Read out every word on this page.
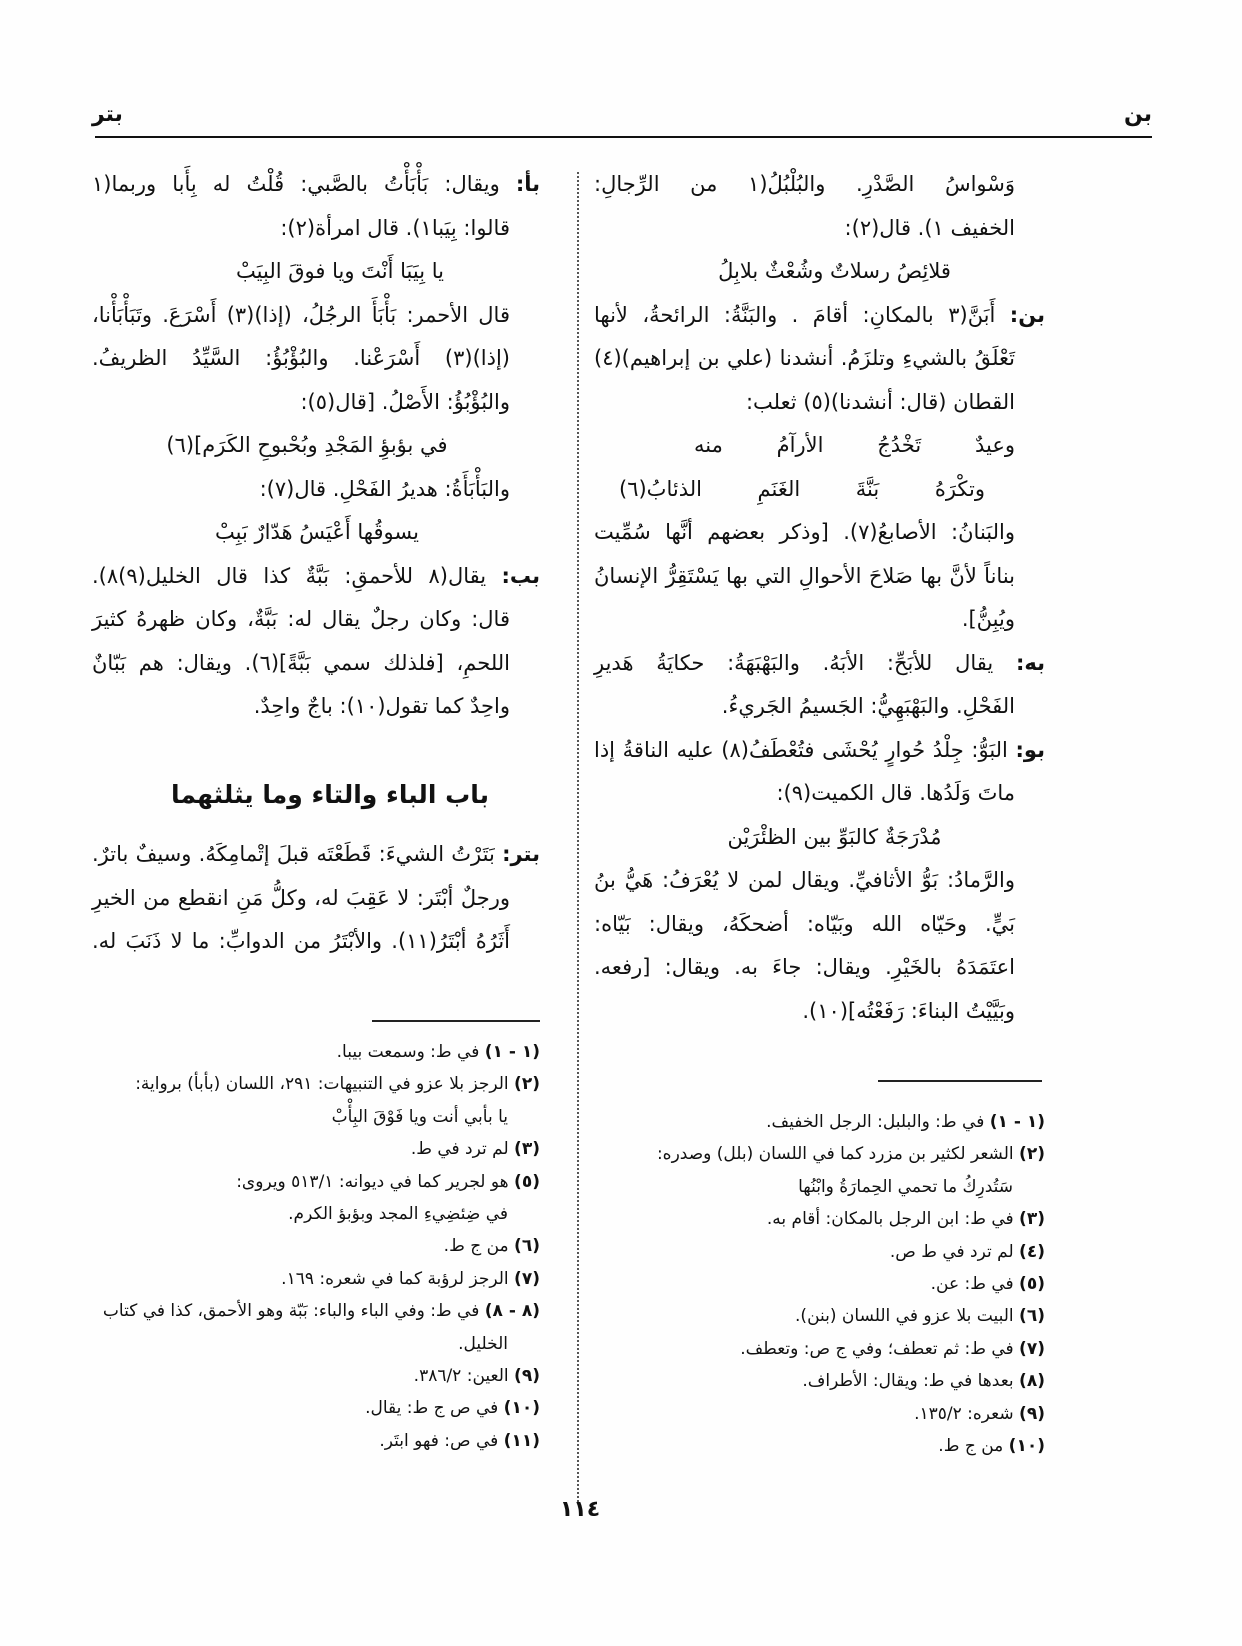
بتر	بن
وَسْواسُ الصَّدْرِ. والبُلْبُلُ(١ من الرِّجالِ:
الخفيف ١). قال(٢):
قلائِصُ رسلاتٌ وشُعْثٌ بلابِلُ
بن: أَبَنَّ(٣ بالمكانِ: أقامَ . والبَنَّةُ: الرائحةُ، لأنها
تَعْلَقُ بالشيءِ وتلزَمُ. أنشدنا (علي بن إبراهيم)(٤)
القطان (قال: أنشدنا)(٥) ثعلب:
وعيدٌ تَخْدُجُ الأرآمُ منه
وتكْرَهُ بَنَّةَ الغَنَمِ الذئابُ(٦)
والبَنانُ: الأصابعُ(٧). [وذكر بعضهم أنَّها سُمِّيت
بناناً لأنَّ بها صَلاحَ الأحوالِ التي بها يَسْتَقِرُّ الإنسانُ
ويُبِنُّ].
به: يقال للأبَحِّ: الأبَهُ. والبَهْبَهَةُ: حكايَةُ هَديرِ
الفَحْلِ. والبَهْبَهِيُّ: الجَسيمُ الجَريءُ.
بو: البَوُّ: جِلْدُ حُوارٍ يُحْشَى فتُعْطَفُ(٨) عليه الناقةُ إذا
ماتَ وَلَدُها. قال الكميت(٩):
مُدْرَجَةٌ كالبَوِّ بين الظئْرَيْن
والرَّمادُ: بَوُّ الأثافيِّ. ويقال لمن لا يُعْرَفُ: هَيُّ بنُ
بَيٍّ. وحَيّاه الله وبَيّاه: أضحكَهُ، ويقال: بَيّاه:
اعتَمَدَهُ بالخَيْرِ. ويقال: جاءَ به. ويقال: [رفعه.
وبَيَّيْتُ البناءَ: رَفَعْتُه](١٠).
بأ: ويقال: بَأْبَأْتُ بالصَّبي: قُلْتُ له بِأَبا وربما(١
قالوا: بِيَبا١). قال امرأة(٢):
يا بِيَبَا أَنْتَ ويا فوقَ البِيَبْ
قال الأحمر: بَأْبَأَ الرجُلُ، (إذا)(٣) أَسْرَعَ. وتَبَأْبَأْنا،
(إذا)(٣) أَسْرَعْنا. والبُؤْبُؤُ: السَّيِّدُ الظريفُ.
والبُؤْبُؤُ: الأَصْلُ. [قال(٥):
في بؤبؤِ المَجْدِ وبُحْبوحِ الكَرَم](٦)
والبَأْبَأَةُ: هديرُ الفَحْلِ. قال(٧):
يسوقُها أَعْيَسُ هَدّارٌ بَبِبْ
بب: يقال(٨ للأحمقِ: بَبَّةٌ كذا قال الخليل(٩)٨).
قال: وكان رجلٌ يقال له: بَبَّةٌ، وكان ظهرهُ كثيرَ
اللحمِ، [فلذلك سمي بَبَّةً](٦). ويقال: هم بَبّانٌ
واحِدٌ كما تقول(١٠): باجٌ واحِدٌ.
باب الباء والتاء وما يثلثهما
بتر: بَتَرْتُ الشيءَ: قَطَعْتَه قبلَ إتْمامِكَهُ. وسيفٌ باترٌ.
ورجلٌ أبْتَر: لا عَقِبَ له، وكلُّ مَنِ انقطع من الخيرِ
أَثَرُهُ أبْتَرُ(١١). والأبْتَرُ من الدوابِّ: ما لا ذَنَبَ له.
(١ - ١) في ط: والبلبل: الرجل الخفيف.
(٢) الشعر لكثير بن مزرد كما في اللسان (بلل) وصدره:
سَتُدرِكُ ما تحمي الحِمارَةُ وابْنُها
(٣) في ط: ابن الرجل بالمكان: أقام به.
(٤) لم ترد في ط ص.
(٥) في ط: عن.
(٦) البيت بلا عزو في اللسان (بنن).
(٧) في ط: ثم تعطف؛ وفي ج ص: وتعطف.
(٨) بعدها في ط: ويقال: الأطراف.
(٩) شعره: ١٣٥/٢.
(١٠) من ج ط.
(١ - ١) في ط: وسمعت بيبا.
(٢) الرجز بلا عزو في التنبيهات: ٢٩١، اللسان (بأبأ) برواية:
يا بأبي أنت ويا فَوْقَ البِأْبْ
(٣) لم ترد في ط.
(٥) هو لجرير كما في ديوانه: ٥١٣/١ ويروى:
في ضِئضِيءِ المجد وبؤبؤ الكرم.
(٦) من ج ط.
(٧) الرجز لرؤبة كما في شعره: ١٦٩.
(٨ - ٨) في ط: وفي الباء والباء: بَبّة وهو الأحمق، كذا في كتاب
الخليل.
(٩) العين: ٣٨٦/٢.
(١٠) في ص ج ط: يقال.
(١١) في ص: فهو ابتَر.
١١٤
